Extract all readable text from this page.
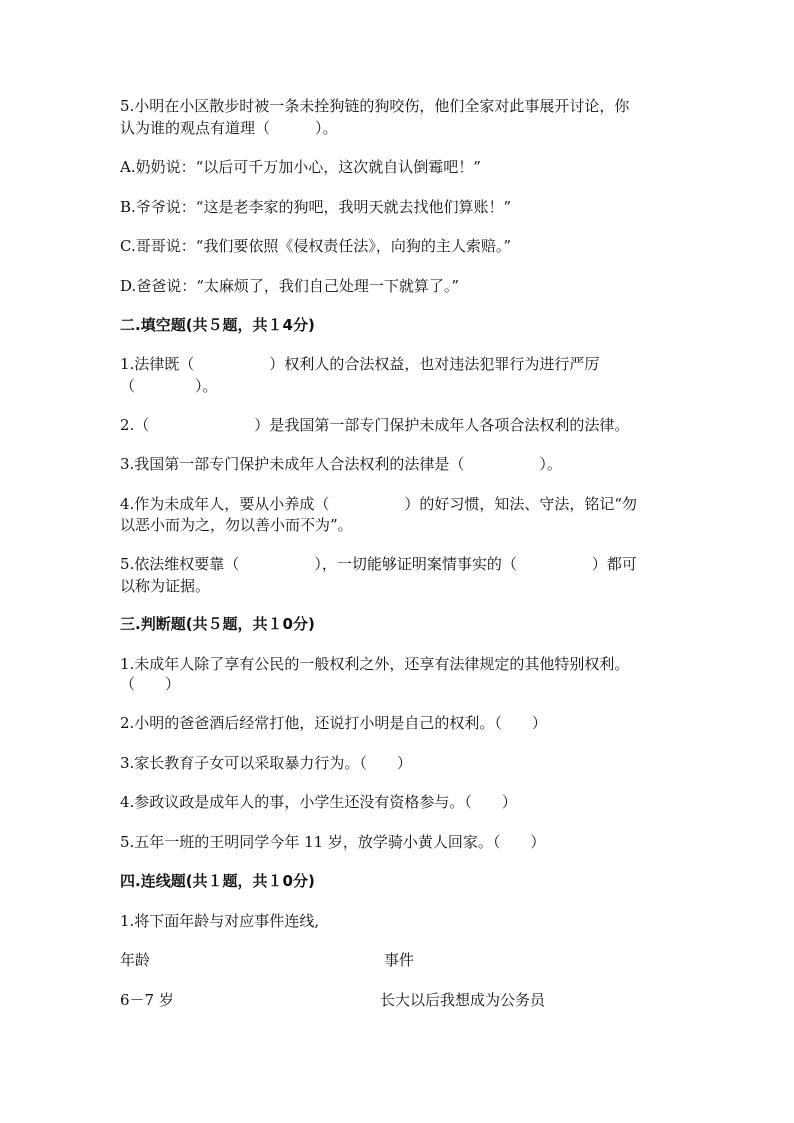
5.小明在小区散步时被一条未拴狗链的狗咬伤，他们全家对此事展开讨论，你
认为谁的观点有道理（　　　）。
A.奶奶说：“以后可千万加小心，这次就自认倒霉吧！”
B.爷爷说：“这是老李家的狗吧，我明天就去找他们算账！”
C.哥哥说：“我们要依照《侵权责任法》，向狗的主人索赔。”
D.爸爸说：“太麻烦了，我们自己处理一下就算了。”
二.填空题(共５题，共１4分)
1.法律既（　　　　　）权利人的合法权益，也对违法犯罪行为进行严厉
（　　　　）。
2.（　　　　　　　）是我国第一部专门保护未成年人各项合法权利的法律。
3.我国第一部专门保护未成年人合法权利的法律是（　　　　　）。
4.作为未成年人，要从小养成（　　　　　）的好习惯，知法、守法，铭记“勿
以恶小而为之，勿以善小而不为”。
5.依法维权要靠（　　　　　），一切能够证明案情事实的（　　　　　）都可
以称为证据。
三.判断题(共５题，共１0分)
1.未成年人除了享有公民的一般权利之外，还享有法律规定的其他特别权利。
（　　）
2.小明的爸爸酒后经常打他，还说打小明是自己的权利。（　　）
3.家长教育子女可以采取暴力行为。（　　）
4.参政议政是成年人的事，小学生还没有资格参与。（　　）
5.五年一班的王明同学今年 11 岁，放学骑小黄人回家。（　　）
四.连线题(共１题，共１0分)
1.将下面年龄与对应事件连线,
年龄	事件
6－7 岁	长大以后我想成为公务员
